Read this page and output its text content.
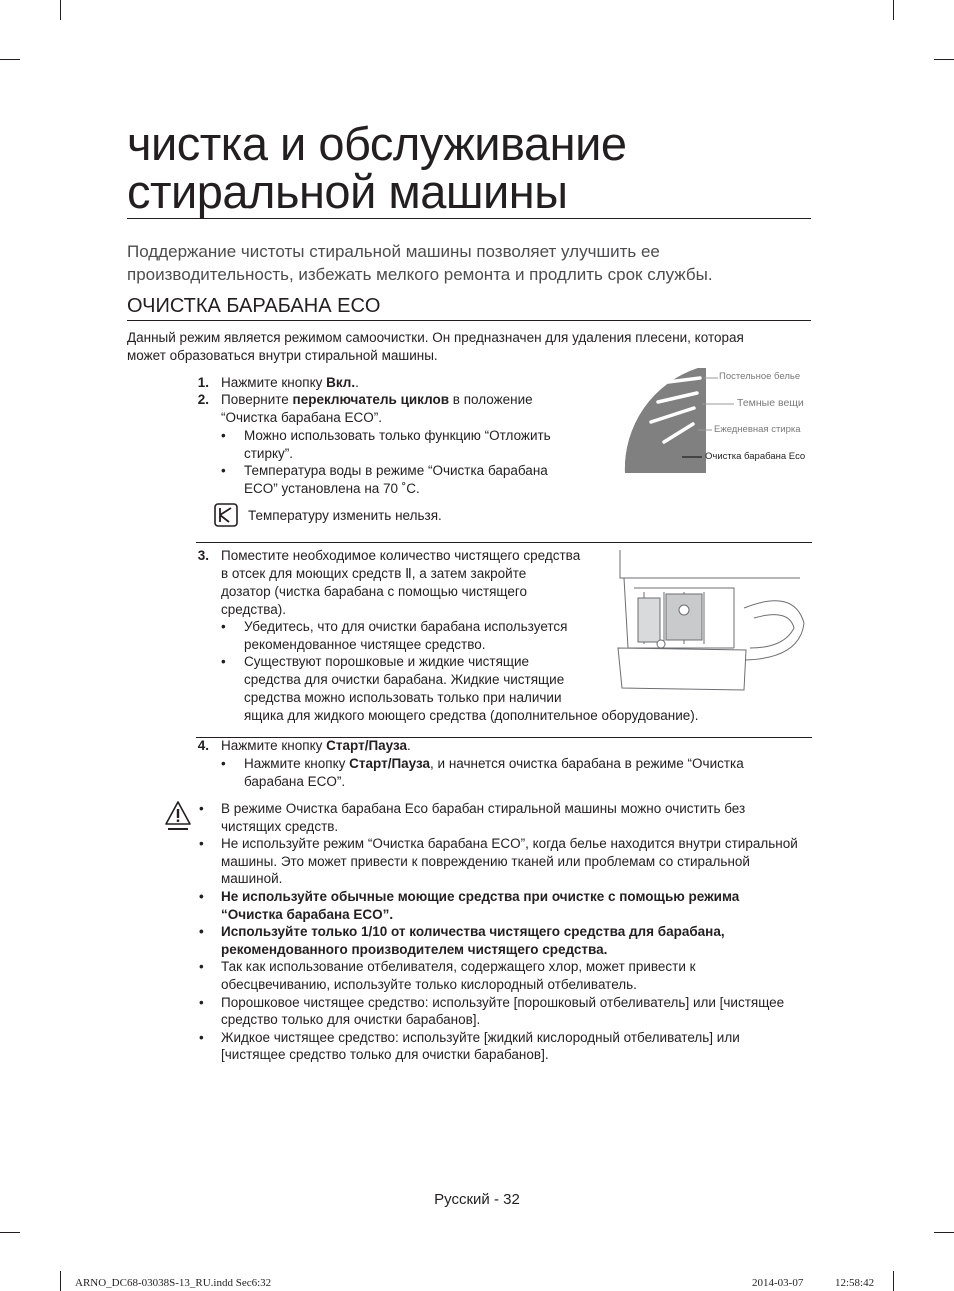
чистка и обслуживание
стиральной машины
Поддержание чистоты стиральной машины позволяет улучшить ее
производительность, избежать мелкого ремонта и продлить срок службы.
ОЧИСТКА БАРАБАНА ECO
Данный режим является режимом самоочистки. Он предназначен для удаления плесени, которая
может образоваться внутри стиральной машины.
1. Нажмите кнопку Вкл..
2. Поверните переключатель циклов в положение
“Очистка барабана ECO”.
• Можно использовать только функцию “Отложить
стирку”.
• Температура воды в режиме “Очистка барабана
ECO” установлена на 70 ˚C.
Температуру изменить нельзя.
Постельное белье
Темные вещи
Ежедневная стирка
Очистка барабана Eco
3. Поместите необходимое количество чистящего средства
в отсек для моющих средств Ⅱ, а затем закройте
дозатор (чистка барабана с помощью чистящего
средства).
• Убедитесь, что для очистки барабана используется
рекомендованное чистящее средство.
• Существуют порошковые и жидкие чистящие
средства для очистки барабана. Жидкие чистящие
средства можно использовать только при наличии
ящика для жидкого моющего средства (дополнительное оборудование).
4. Нажмите кнопку Старт/Пауза.
• Нажмите кнопку Старт/Пауза, и начнется очистка барабана в режиме “Очистка
барабана ECO”.
• В режиме Очистка барабана Eco барабан стиральной машины можно очистить без чистящих средств.
• Не используйте режим “Очистка барабана ECO”, когда белье находится внутри стиральной машины. Это может привести к повреждению тканей или проблемам со стиральной машиной.
• Не используйте обычные моющие средства при очистке с помощью режима “Очистка барабана ECO”.
• Используйте только 1/10 от количества чистящего средства для барабана, рекомендованного производителем чистящего средства.
• Так как использование отбеливателя, содержащего хлор, может привести к обесцвечиванию, используйте только кислородный отбеливатель.
• Порошковое чистящее средство: используйте [порошковый отбеливатель] или [чистящее средство только для очистки барабанов].
• Жидкое чистящее средство: используйте [жидкий кислородный отбеливатель] или [чистящее средство только для очистки барабанов].
Русский - 32
ARNO_DC68-03038S-13_RU.indd Sec6:32	2014-03-07	12:58:42
